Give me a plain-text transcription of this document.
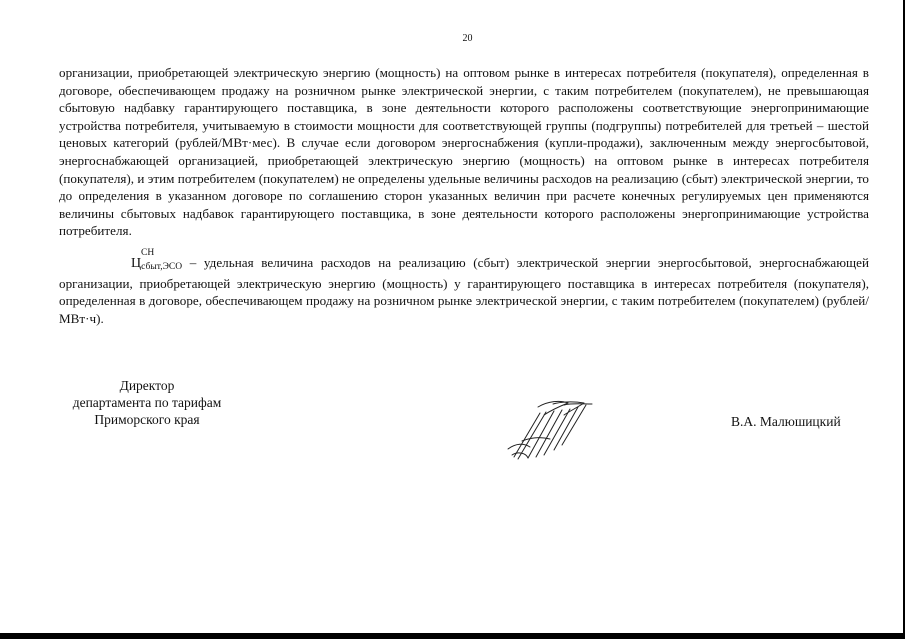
20
организации, приобретающей электрическую энергию (мощность) на оптовом рынке в интересах потребителя (покупателя), определенная в договоре, обеспечивающем продажу на розничном рынке электрической энергии, с таким потребителем (покупателем), не превышающая сбытовую надбавку гарантирующего поставщика, в зоне деятельности которого расположены соответствующие энергопринимающие устройства потребителя, учитываемую в стоимости мощности для соответствующей группы (подгруппы) потребителей для третьей – шестой ценовых категорий (рублей/МВт·мес). В случае если договором энергоснабжения (купли-продажи), заключенным между энергосбытовой, энергоснабжающей организацией, приобретающей электрическую энергию (мощность) на оптовом рынке в интересах потребителя (покупателя), и этим потребителем (покупателем) не определены удельные величины расходов на реализацию (сбыт) электрической энергии, то до определения в указанном договоре по соглашению сторон указанных величин при расчете конечных регулируемых цен применяются величины сбытовых надбавок гарантирующего поставщика, в зоне деятельности которого расположены энергопринимающие устройства потребителя.
Ц
СН
сбыт,ЭСО – удельная величина расходов на реализацию (сбыт) электрической энергии энергосбытовой, энергоснабжающей организации, приобретающей электрическую энергию (мощность) у гарантирующего поставщика в интересах потребителя (покупателя), определенная в договоре, обеспечивающем продажу на розничном рынке электрической энергии, с таким потребителем (покупателем) (рублей/МВт·ч).
Директор
департамента по тарифам
Приморского края	В.А. Малюшицкий
